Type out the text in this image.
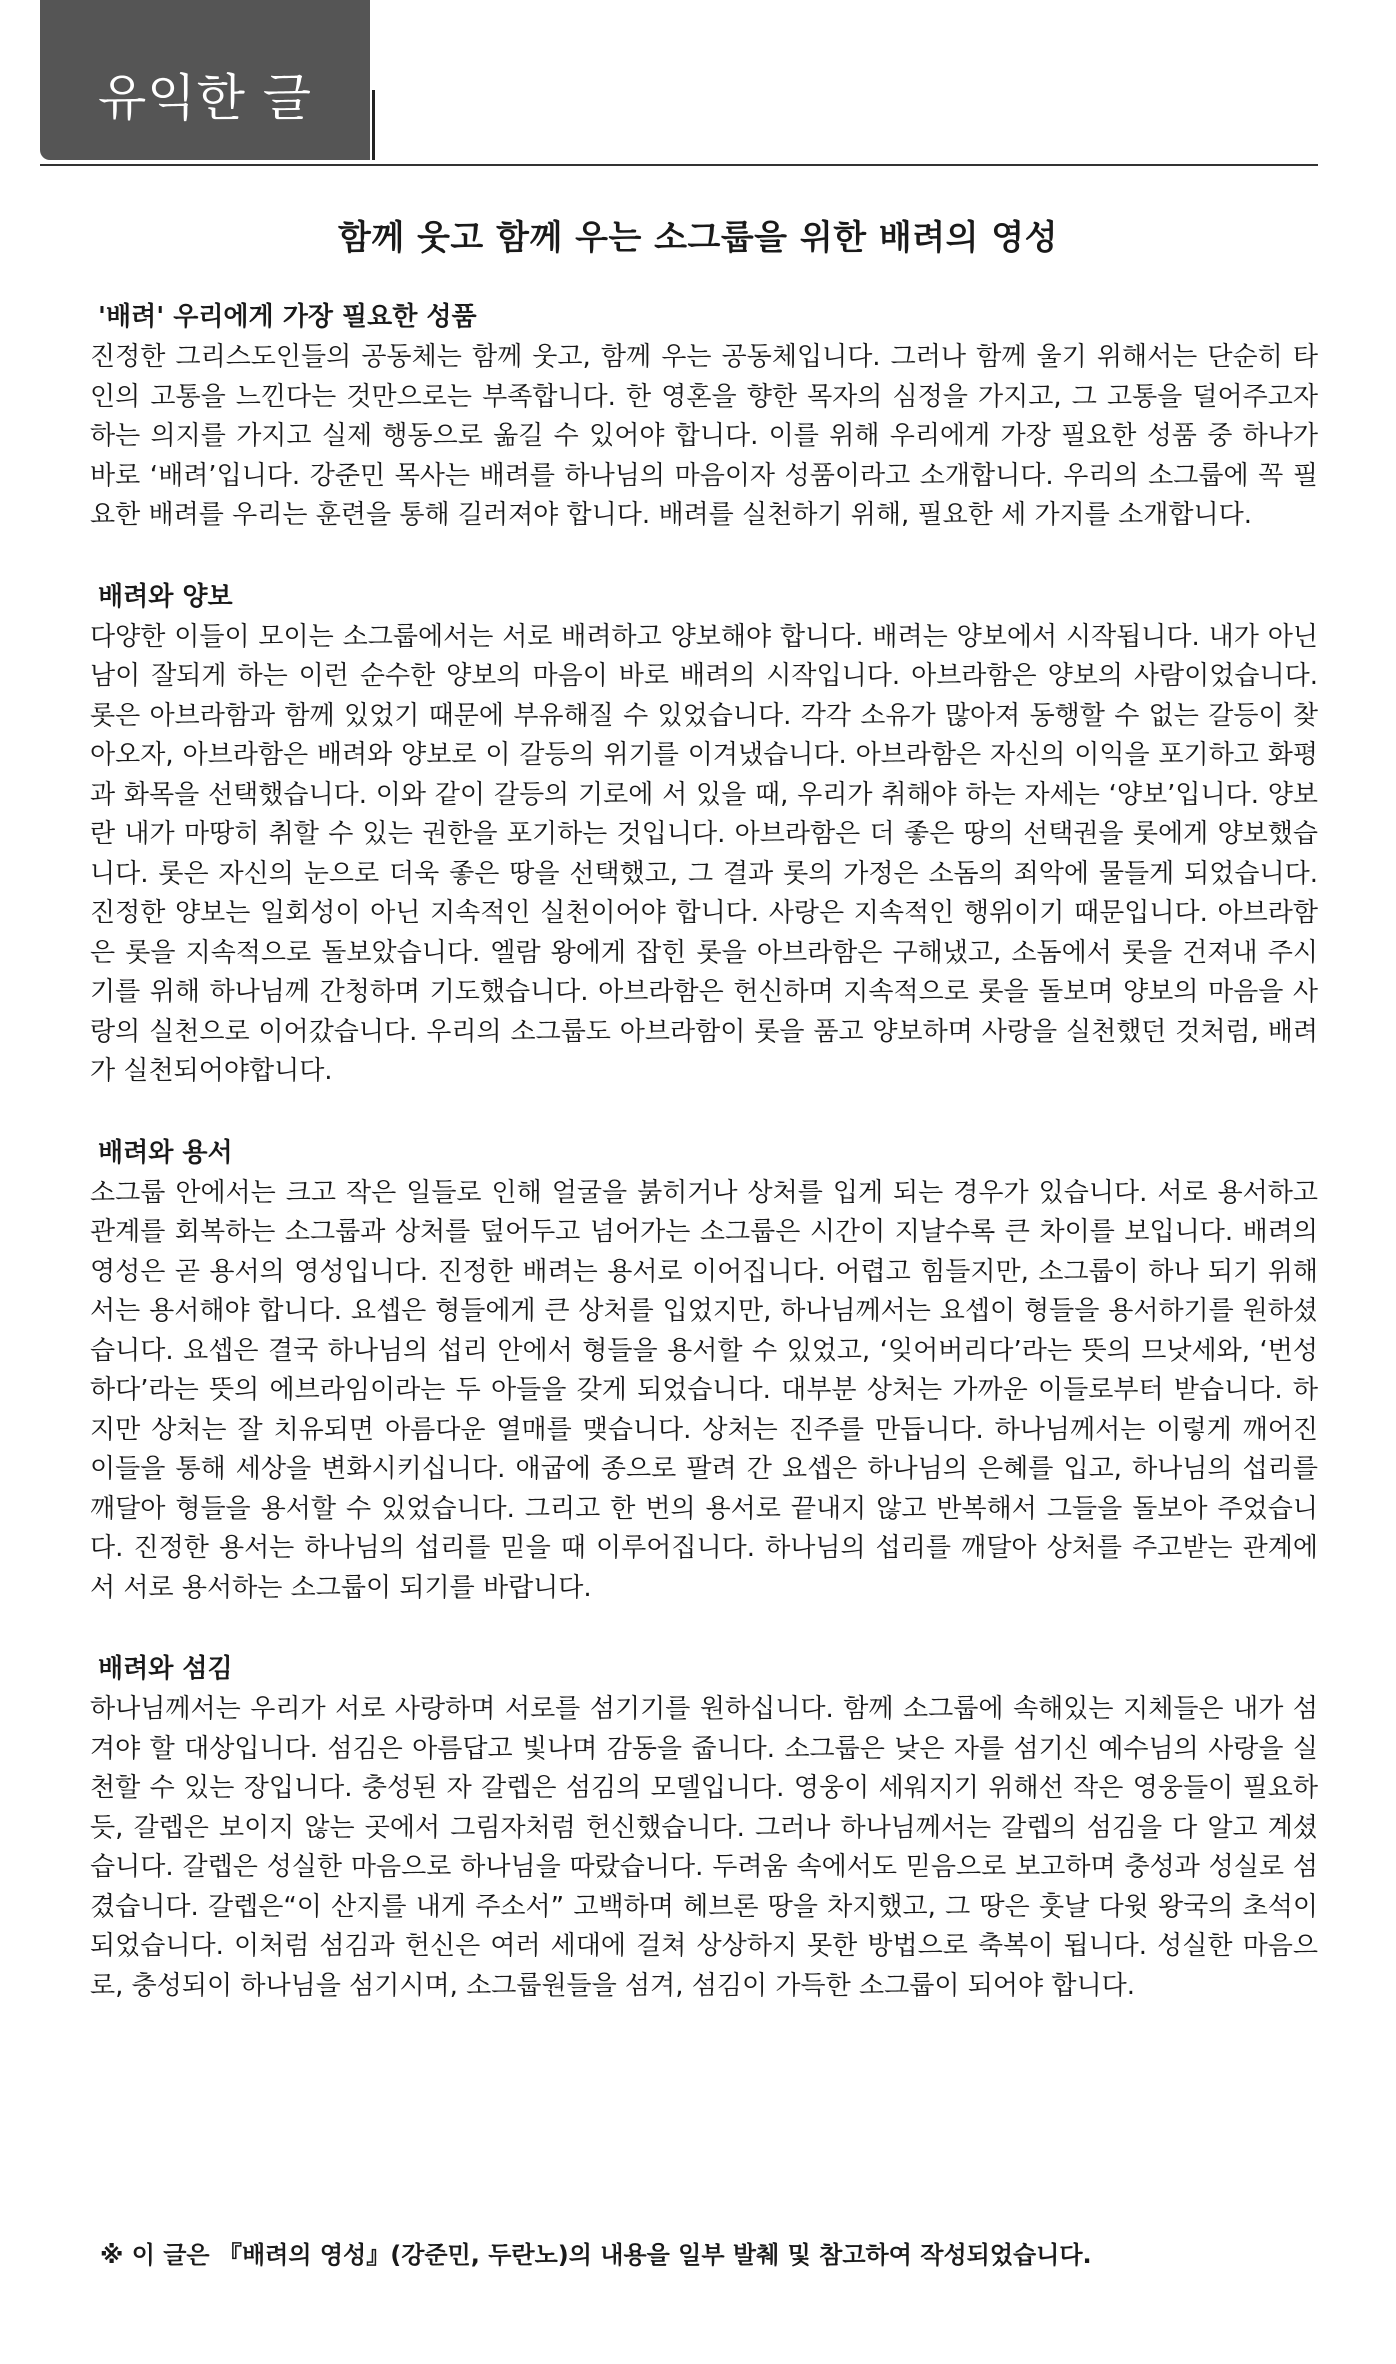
유익한 글
함께 웃고 함께 우는 소그룹을 위한 배려의 영성
'배려' 우리에게 가장 필요한 성품

진정한 그리스도인들의 공동체는 함께 웃고, 함께 우는 공동체입니다. 그러나 함께 울기 위해서는 단순히 타인의 고통을 느낀다는 것만으로는 부족합니다. 한 영혼을 향한 목자의 심정을 가지고, 그 고통을 덜어주고자 하는 의지를 가지고 실제 행동으로 옮길 수 있어야 합니다. 이를 위해 우리에게 가장 필요한 성품 중 하나가 바로 ‘배려’입니다. 강준민 목사는 배려를 하나님의 마음이자 성품이라고 소개합니다. 우리의 소그룹에 꼭 필요한 배려를 우리는 훈련을 통해 길러져야 합니다. 배려를 실천하기 위해, 필요한 세 가지를 소개합니다.

배려와 양보

다양한 이들이 모이는 소그룹에서는 서로 배려하고 양보해야 합니다. 배려는 양보에서 시작됩니다. 내가 아닌 남이 잘되게 하는 이런 순수한 양보의 마음이 바로 배려의 시작입니다. 아브라함은 양보의 사람이었습니다. 롯은 아브라함과 함께 있었기 때문에 부유해질 수 있었습니다. 각각 소유가 많아져 동행할 수 없는 갈등이 찾아오자, 아브라함은 배려와 양보로 이 갈등의 위기를 이겨냈습니다. 아브라함은 자신의 이익을 포기하고 화평과 화목을 선택했습니다. 이와 같이 갈등의 기로에 서 있을 때, 우리가 취해야 하는 자세는 ‘양보’입니다. 양보란 내가 마땅히 취할 수 있는 권한을 포기하는 것입니다. 아브라함은 더 좋은 땅의 선택권을 롯에게 양보했습니다. 롯은 자신의 눈으로 더욱 좋은 땅을 선택했고, 그 결과 롯의 가정은 소돔의 죄악에 물들게 되었습니다. 진정한 양보는 일회성이 아닌 지속적인 실천이어야 합니다. 사랑은 지속적인 행위이기 때문입니다. 아브라함은 롯을 지속적으로 돌보았습니다. 엘람 왕에게 잡힌 롯을 아브라함은 구해냈고, 소돔에서 롯을 건져내 주시기를 위해 하나님께 간청하며 기도했습니다. 아브라함은 헌신하며 지속적으로 롯을 돌보며 양보의 마음을 사랑의 실천으로 이어갔습니다. 우리의 소그룹도 아브라함이 롯을 품고 양보하며 사랑을 실천했던 것처럼, 배려가 실천되어야합니다.

배려와 용서

소그룹 안에서는 크고 작은 일들로 인해 얼굴을 붉히거나 상처를 입게 되는 경우가 있습니다. 서로 용서하고 관계를 회복하는 소그룹과 상처를 덮어두고 넘어가는 소그룹은 시간이 지날수록 큰 차이를 보입니다. 배려의 영성은 곧 용서의 영성입니다. 진정한 배려는 용서로 이어집니다. 어렵고 힘들지만, 소그룹이 하나 되기 위해서는 용서해야 합니다. 요셉은 형들에게 큰 상처를 입었지만, 하나님께서는 요셉이 형들을 용서하기를 원하셨습니다. 요셉은 결국 하나님의 섭리 안에서 형들을 용서할 수 있었고, ‘잊어버리다’라는 뜻의 므낫세와, ‘번성하다’라는 뜻의 에브라임이라는 두 아들을 갖게 되었습니다. 대부분 상처는 가까운 이들로부터 받습니다. 하지만 상처는 잘 치유되면 아름다운 열매를 맺습니다. 상처는 진주를 만듭니다. 하나님께서는 이렇게 깨어진 이들을 통해 세상을 변화시키십니다. 애굽에 종으로 팔려 간 요셉은 하나님의 은혜를 입고, 하나님의 섭리를 깨달아 형들을 용서할 수 있었습니다. 그리고 한 번의 용서로 끝내지 않고 반복해서 그들을 돌보아 주었습니다. 진정한 용서는 하나님의 섭리를 믿을 때 이루어집니다. 하나님의 섭리를 깨달아 상처를 주고받는 관계에서 서로 용서하는 소그룹이 되기를 바랍니다.

배려와 섬김

하나님께서는 우리가 서로 사랑하며 서로를 섬기기를 원하십니다. 함께 소그룹에 속해있는 지체들은 내가 섬겨야 할 대상입니다. 섬김은 아름답고 빛나며 감동을 줍니다. 소그룹은 낮은 자를 섬기신 예수님의 사랑을 실천할 수 있는 장입니다. 충성된 자 갈렙은 섬김의 모델입니다. 영웅이 세워지기 위해선 작은 영웅들이 필요하듯, 갈렙은 보이지 않는 곳에서 그림자처럼 헌신했습니다. 그러나 하나님께서는 갈렙의 섬김을 다 알고 계셨습니다. 갈렙은 성실한 마음으로 하나님을 따랐습니다. 두려움 속에서도 믿음으로 보고하며 충성과 성실로 섬겼습니다. 갈렙은“이 산지를 내게 주소서” 고백하며 헤브론 땅을 차지했고, 그 땅은 훗날 다윗 왕국의 초석이 되었습니다. 이처럼 섬김과 헌신은 여러 세대에 걸쳐 상상하지 못한 방법으로 축복이 됩니다. 성실한 마음으로, 충성되이 하나님을 섬기시며, 소그룹원들을 섬겨, 섬김이 가득한 소그룹이 되어야 합니다.

※ 이 글은 『배려의 영성』(강준민, 두란노)의 내용을 일부 발췌 및 참고하여 작성되었습니다.
